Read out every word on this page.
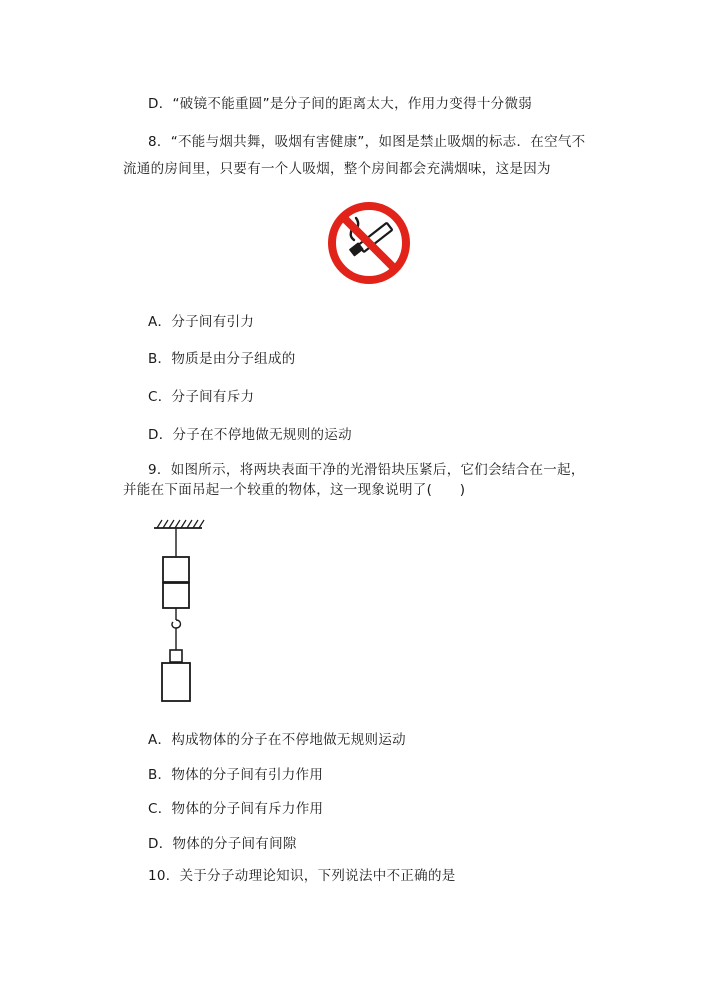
D．“破镜不能重圆”是分子间的距离太大，作用力变得十分微弱
8．“不能与烟共舞，吸烟有害健康”，如图是禁止吸烟的标志．在空气不
流通的房间里，只要有一个人吸烟，整个房间都会充满烟味，这是因为
A．分子间有引力
B．物质是由分子组成的
C．分子间有斥力
D．分子在不停地做无规则的运动
9．如图所示，将两块表面干净的光滑铅块压紧后，它们会结合在一起，
并能在下面吊起一个较重的物体，这一现象说明了(　　)
A．构成物体的分子在不停地做无规则运动
B．物体的分子间有引力作用
C．物体的分子间有斥力作用
D．物体的分子间有间隙
10．关于分子动理论知识，下列说法中不正确的是
